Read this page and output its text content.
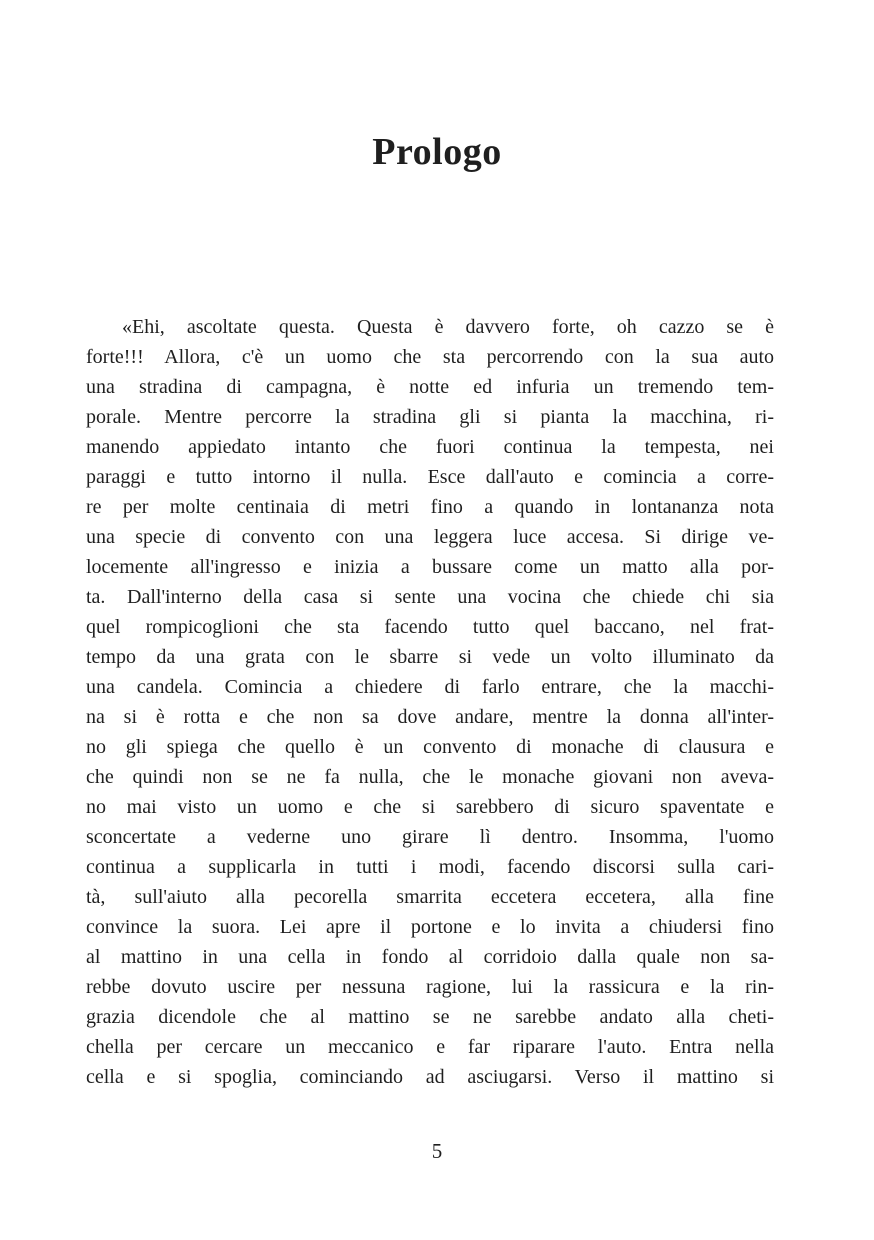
Prologo
«Ehi, ascoltate questa. Questa è davvero forte, oh cazzo se è
forte!!! Allora, c'è un uomo che sta percorrendo con la sua auto
una stradina di campagna, è notte ed infuria un tremendo tem-
porale. Mentre percorre la stradina gli si pianta la macchina, ri-
manendo appiedato intanto che fuori continua la tempesta, nei
paraggi e tutto intorno il nulla. Esce dall'auto e comincia a corre-
re per molte centinaia di metri fino a quando in lontananza nota
una specie di convento con una leggera luce accesa. Si dirige ve-
locemente all'ingresso e inizia a bussare come un matto alla por-
ta. Dall'interno della casa si sente una vocina che chiede chi sia
quel rompicoglioni che sta facendo tutto quel baccano, nel frat-
tempo da una grata con le sbarre si vede un volto illuminato da
una candela. Comincia a chiedere di farlo entrare, che la macchi-
na si è rotta e che non sa dove andare, mentre la donna all'inter-
no gli spiega che quello è un convento di monache di clausura e
che quindi non se ne fa nulla, che le monache giovani non aveva-
no mai visto un uomo e che si sarebbero di sicuro spaventate e
sconcertate a vederne uno girare lì dentro. Insomma, l'uomo
continua a supplicarla in tutti i modi, facendo discorsi sulla cari-
tà, sull'aiuto alla pecorella smarrita eccetera eccetera, alla fine
convince la suora. Lei apre il portone e lo invita a chiudersi fino
al mattino in una cella in fondo al corridoio dalla quale non sa-
rebbe dovuto uscire per nessuna ragione, lui la rassicura e la rin-
grazia dicendole che al mattino se ne sarebbe andato alla cheti-
chella per cercare un meccanico e far riparare l'auto. Entra nella
cella e si spoglia, cominciando ad asciugarsi. Verso il mattino si
5
